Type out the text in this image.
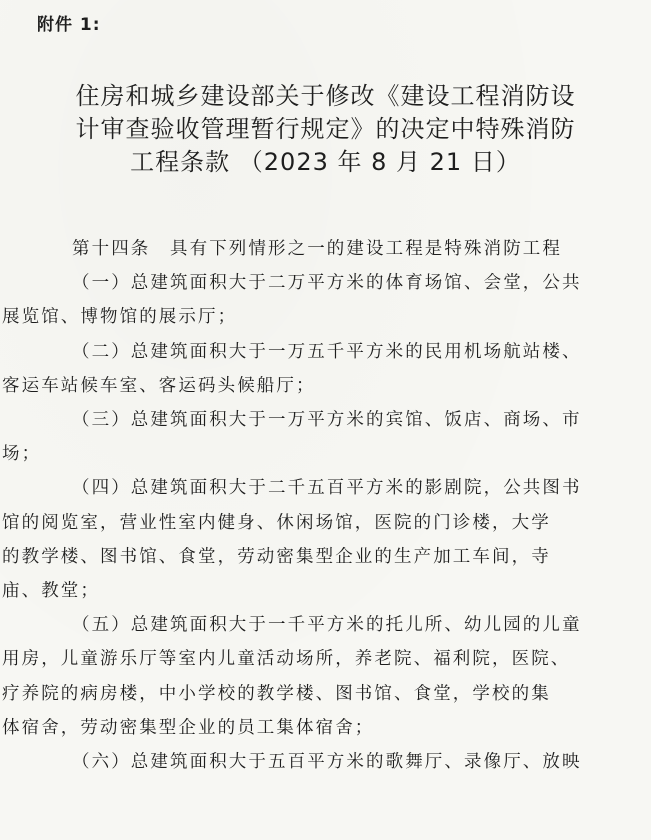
附件 1:
住房和城乡建设部关于修改《建设工程消防设
计审查验收管理暂行规定》的决定中特殊消防
工程条款 （2023 年 8 月 21 日）

第十四条　具有下列情形之一的建设工程是特殊消防工程

（一）总建筑面积大于二万平方米的体育场馆、会堂，公共
展览馆、博物馆的展示厅；

（二）总建筑面积大于一万五千平方米的民用机场航站楼、
客运车站候车室、客运码头候船厅；

（三）总建筑面积大于一万平方米的宾馆、饭店、商场、市
场；

（四）总建筑面积大于二千五百平方米的影剧院，公共图书
馆的阅览室，营业性室内健身、休闲场馆，医院的门诊楼，大学
的教学楼、图书馆、食堂，劳动密集型企业的生产加工车间，寺
庙、教堂；

（五）总建筑面积大于一千平方米的托儿所、幼儿园的儿童
用房，儿童游乐厅等室内儿童活动场所，养老院、福利院，医院、
疗养院的病房楼，中小学校的教学楼、图书馆、食堂，学校的集
体宿舍，劳动密集型企业的员工集体宿舍；

（六）总建筑面积大于五百平方米的歌舞厅、录像厅、放映
